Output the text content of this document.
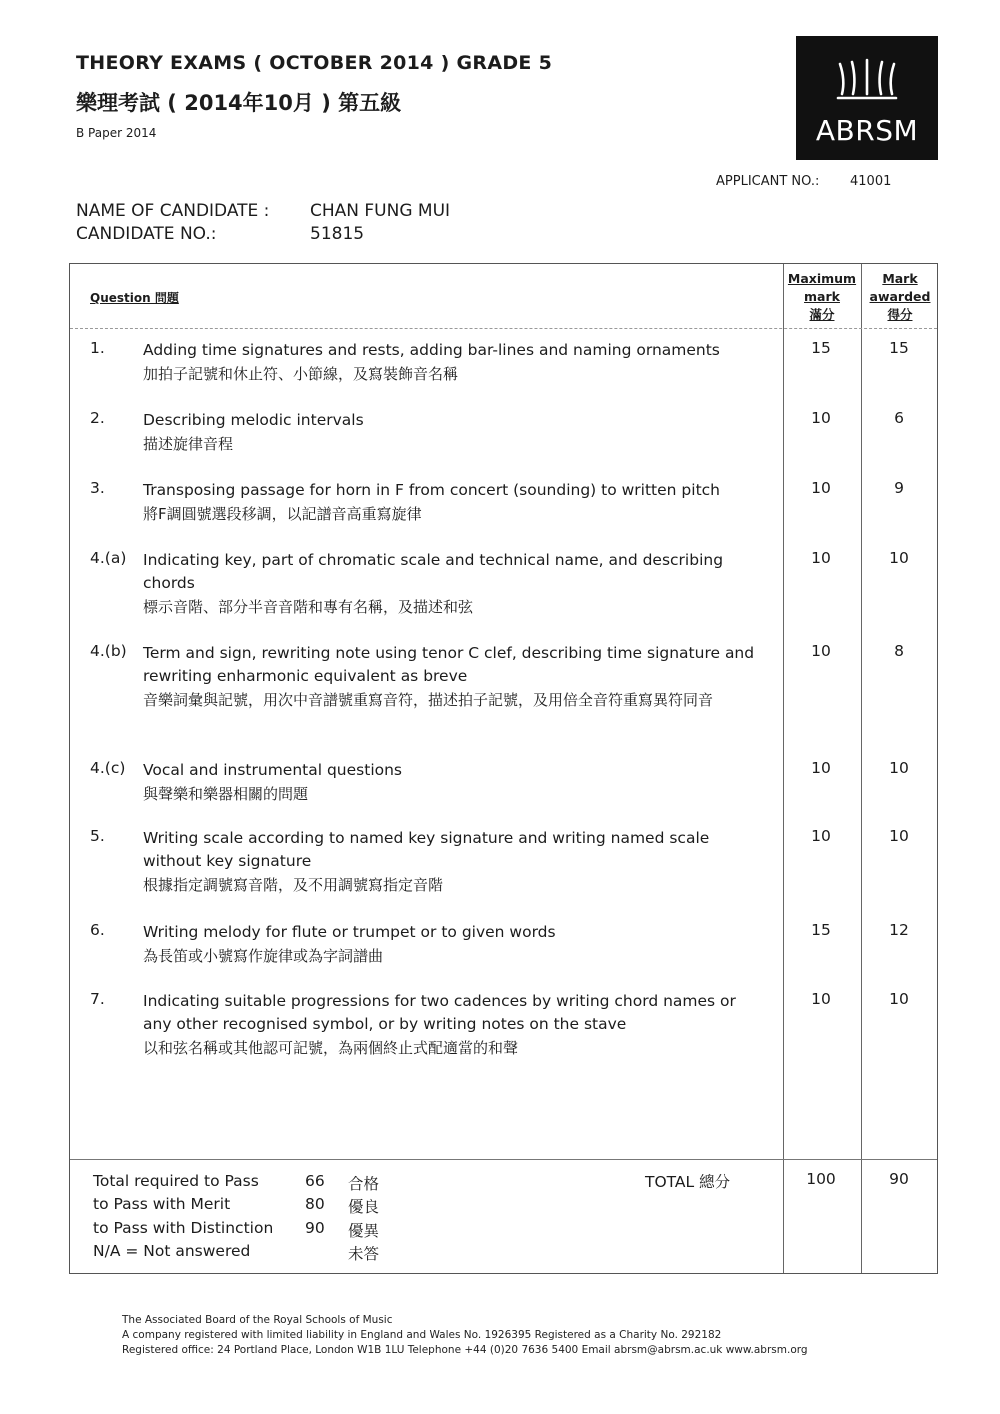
THEORY EXAMS ( OCTOBER 2014 ) GRADE 5
樂理考試 ( 2014年10月 ) 第五級
B Paper 2014	ABRSM
APPLICANT NO.: 41001
NAME OF CANDIDATE : CHAN FUNG MUI
CANDIDATE NO.:	51815
Question 問題
Maximum
mark
滿分
Mark
awarded
得分
1. Adding time signatures and rests, adding bar-lines and naming ornaments
加拍子記號和休止符、小節線，及寫裝飾音名稱
15	15
2. Describing melodic intervals
描述旋律音程
10	6
3. Transposing passage for horn in F from concert (sounding) to written pitch
將F調圓號選段移調，以記譜音高重寫旋律
10	9
4.(a) Indicating key, part of chromatic scale and technical name, and describing chords
標示音階、部分半音音階和專有名稱，及描述和弦
10	10
4.(b) Term and sign, rewriting note using tenor C clef, describing time signature and rewriting enharmonic equivalent as breve
音樂詞彙與記號，用次中音譜號重寫音符，描述拍子記號，及用倍全音符重寫異符同音
10	8
4.(c) Vocal and instrumental questions
與聲樂和樂器相關的問題
10	10
5. Writing scale according to named key signature and writing named scale without key signature
根據指定調號寫音階，及不用調號寫指定音階
10	10
6. Writing melody for flute or trumpet or to given words
為長笛或小號寫作旋律或為字詞譜曲
15	12
7. Indicating suitable progressions for two cadences by writing chord names or any other recognised symbol, or by writing notes on the stave
以和弦名稱或其他認可記號，為兩個終止式配適當的和聲
10	10
Total required to Pass	66 合格
to Pass with Merit	80 優良
to Pass with Distinction 90 優異
N/A = Not answered	未答
TOTAL 總分	100	90
The Associated Board of the Royal Schools of Music
A company registered with limited liability in England and Wales No. 1926395 Registered as a Charity No. 292182
Registered office: 24 Portland Place, London W1B 1LU Telephone +44 (0)20 7636 5400 Email abrsm@abrsm.ac.uk www.abrsm.org
